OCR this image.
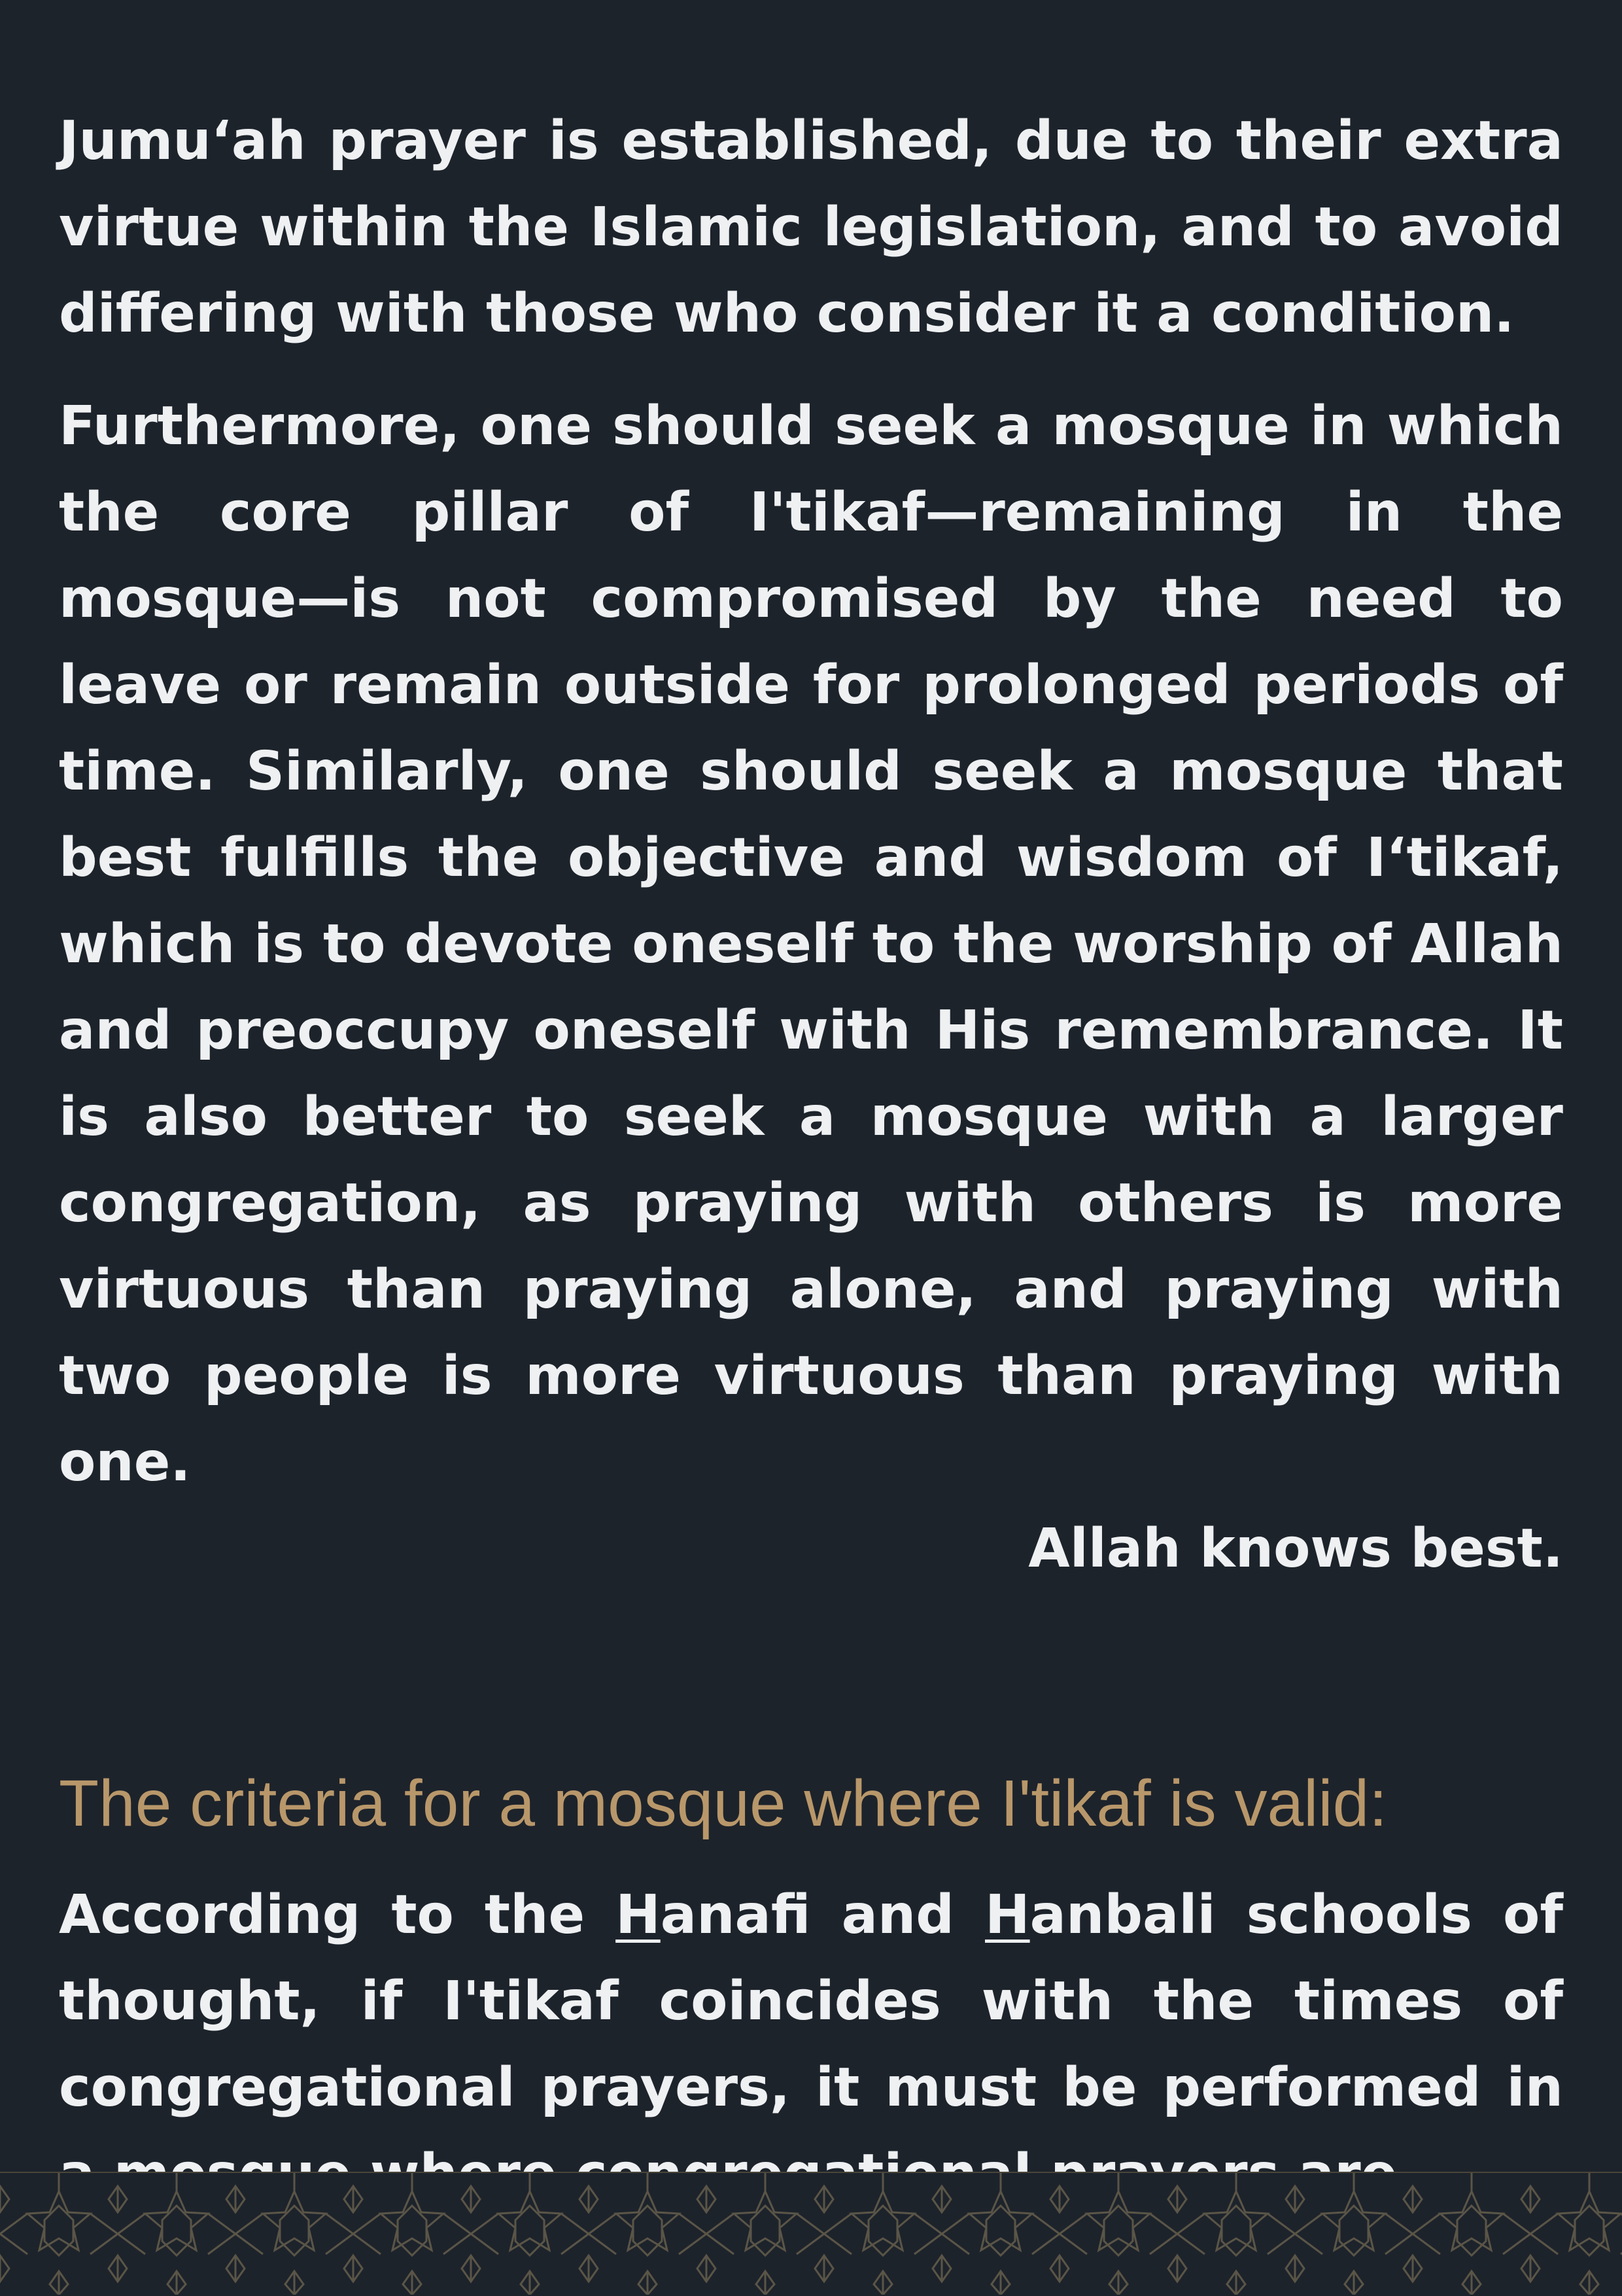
Jumu‘ah prayer is established, due to their extra virtue within the Islamic legislation, and to avoid differing with those who consider it a condition.

Furthermore, one should seek a mosque in which the core pillar of I'tikaf—remaining in the mosque—is not compromised by the need to leave or remain outside for prolonged periods of time. Similarly, one should seek a mosque that best fulfills the objective and wisdom of I‘tikaf, which is to devote oneself to the worship of Allah and preoccupy oneself with His remembrance. It is also better to seek a mosque with a larger congregation, as praying with others is more virtuous than praying alone, and praying with two people is more virtuous than praying with one.
Allah knows best.

The criteria for a mosque where I'tikaf is valid:

According to the Hanafi and Hanbali schools of thought, if I'tikaf coincides with the times of congregational prayers, it must be performed in
